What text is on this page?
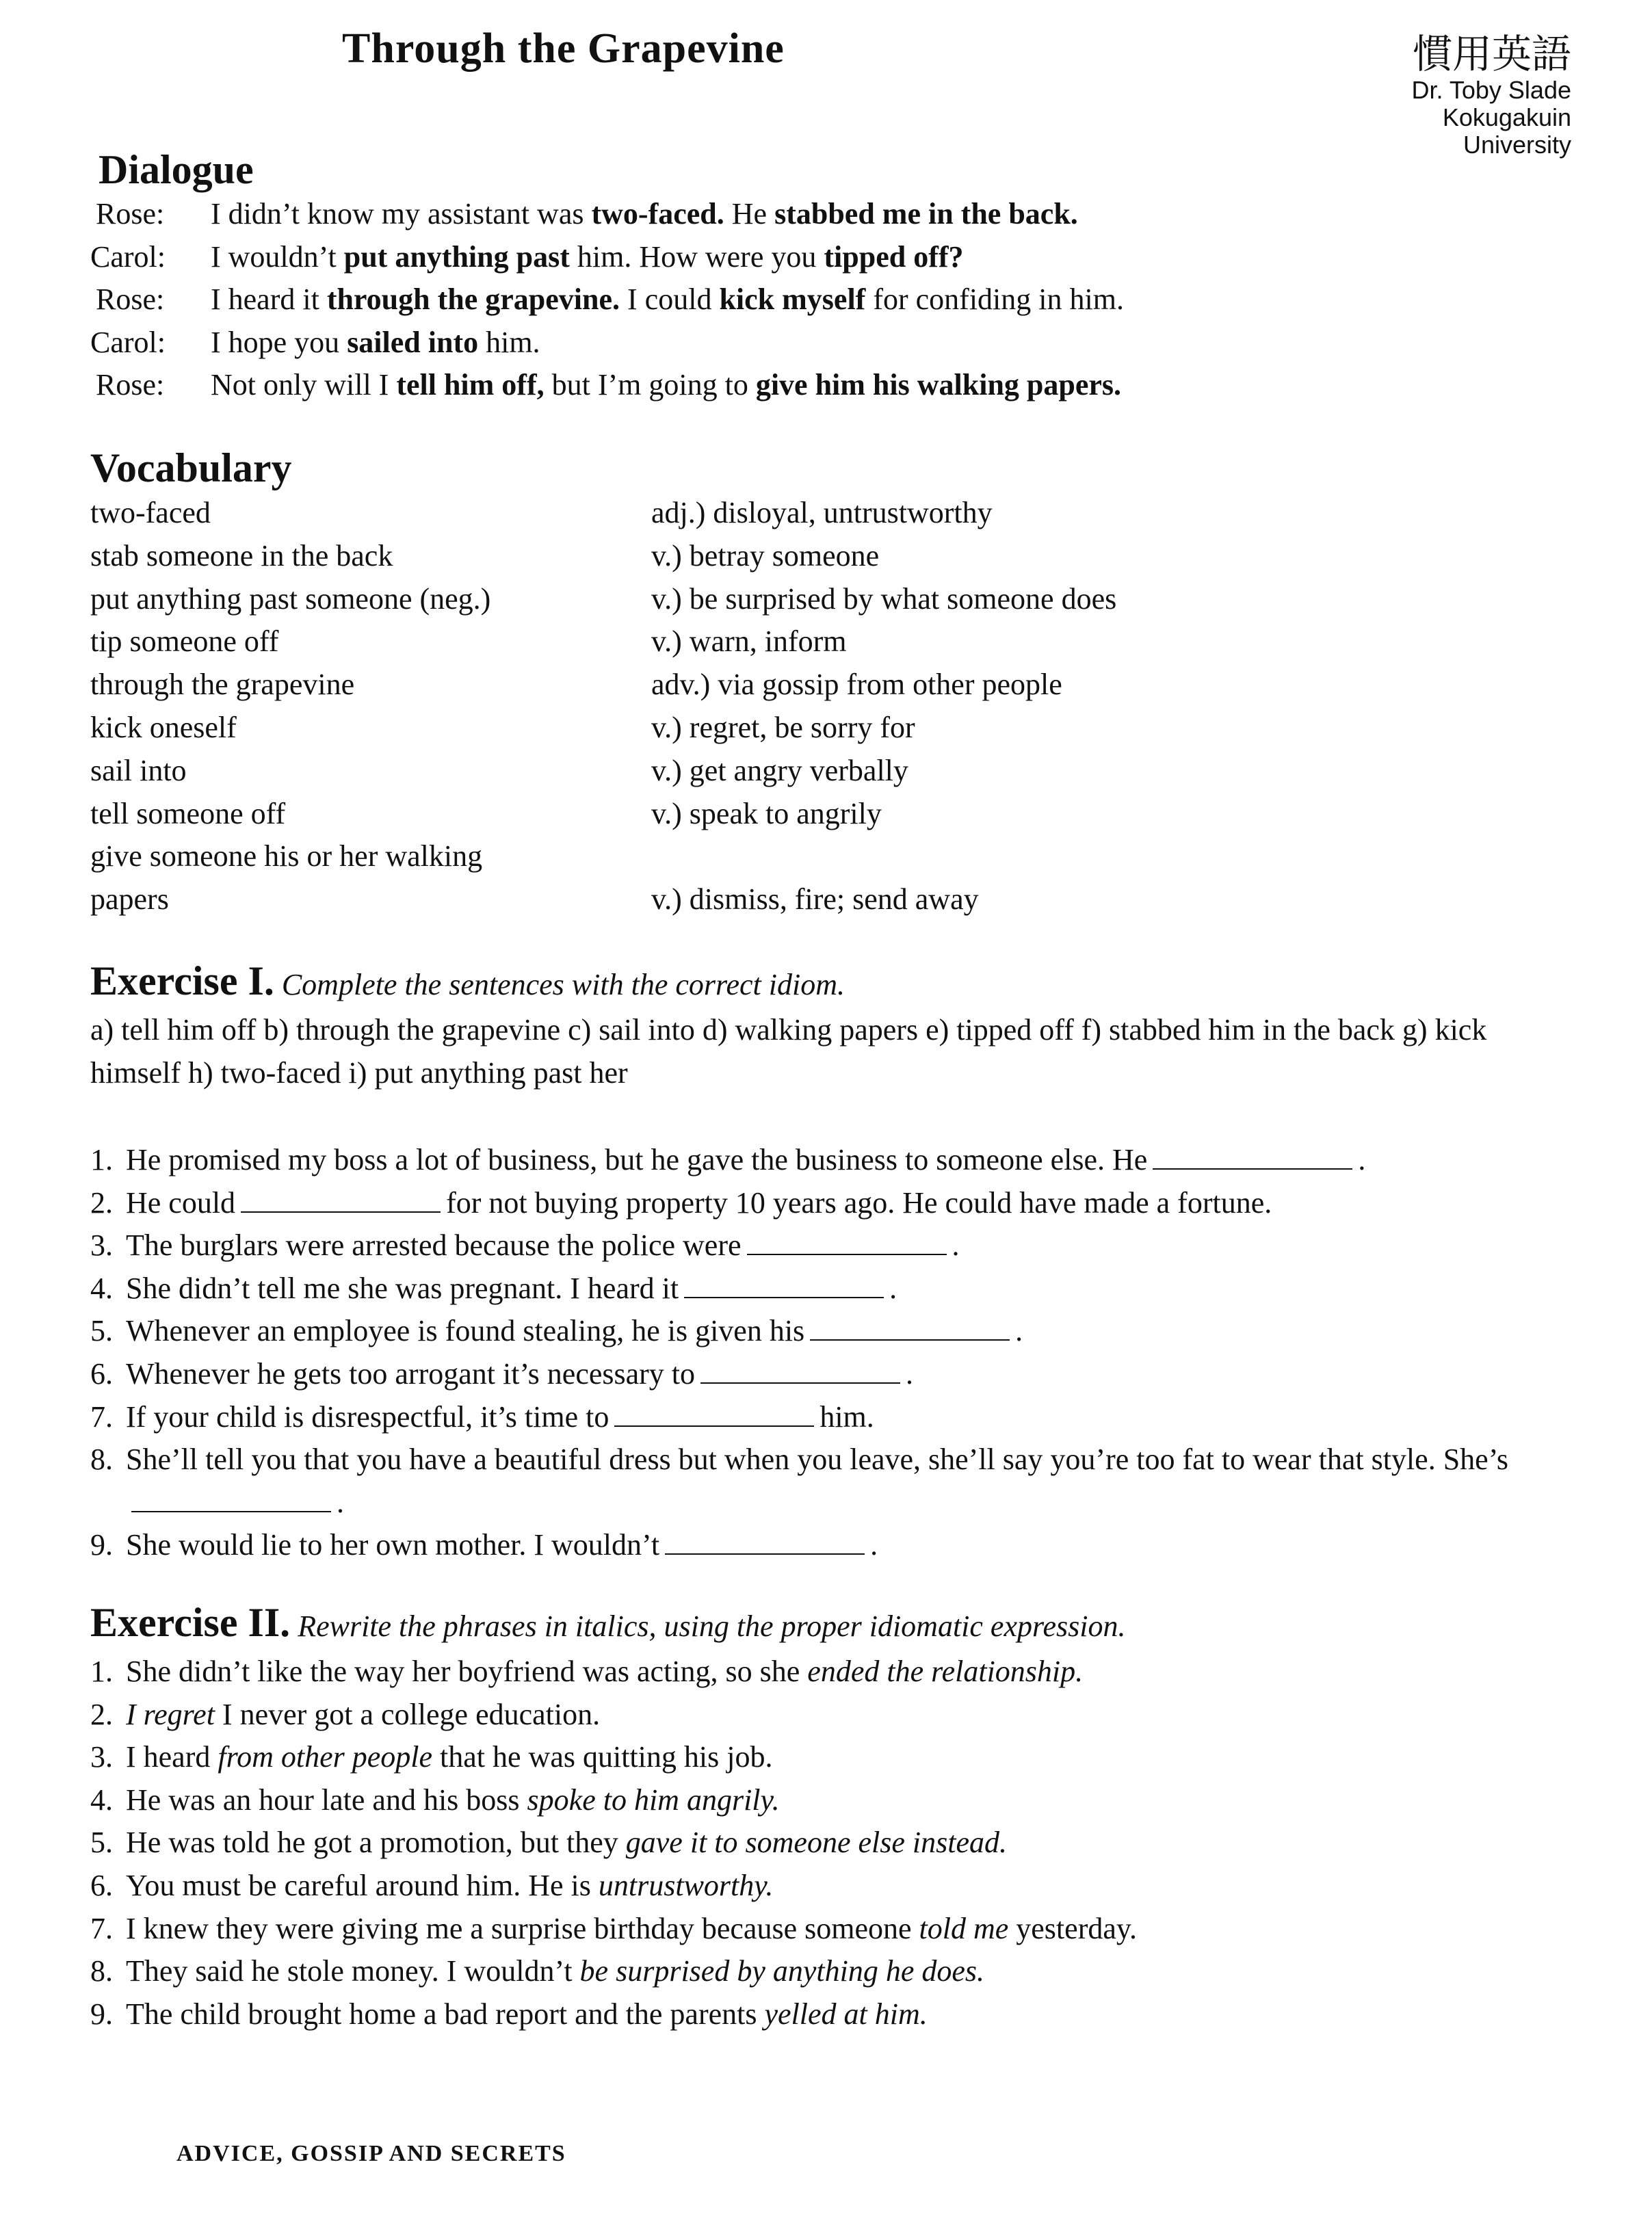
Through the Grapevine	慣用英語
Dr. Toby Slade
Kokugakuin
University
Dialogue
Rose:	I didn’t know my assistant was two-faced. He stabbed me in the back.
Carol:	I wouldn’t put anything past him. How were you tipped off?
Rose:	I heard it through the grapevine. I could kick myself for confiding in him.
Carol:	I hope you sailed into him.
Rose:	Not only will I tell him off, but I’m going to give him his walking papers.
Vocabulary
two-faced	adj.) disloyal, untrustworthy
stab someone in the back	v.) betray someone
put anything past someone (neg.)	v.) be surprised by what someone does
tip someone off	v.) warn, inform
through the grapevine	adv.) via gossip from other people
kick oneself	v.) regret, be sorry for
sail into	v.) get angry verbally
tell someone off	v.) speak to angrily
give someone his or her walking
papers	v.) dismiss, fire; send away
Exercise I. Complete the sentences with the correct idiom.
a) tell him off b) through the grapevine c) sail into d) walking papers e) tipped off f) stabbed him in the back g) kick himself h) two-faced i) put anything past her
1. He promised my boss a lot of business, but he gave the business to someone else. He	.
2. He could	for not buying property 10 years ago. He could have made a fortune.
3. The burglars were arrested because the police were	.
4. She didn’t tell me she was pregnant. I heard it	.
5. Whenever an employee is found stealing, he is given his	.
6. Whenever he gets too arrogant it’s necessary to	.
7. If your child is disrespectful, it’s time to	him.
8. She’ll tell you that you have a beautiful dress but when you leave, she’ll say you’re too fat to wear that style. She’s.
9. She would lie to her own mother. I wouldn’t	.
Exercise II. Rewrite the phrases in italics, using the proper idiomatic expression.
1. She didn’t like the way her boyfriend was acting, so she ended the relationship.
2. I regret I never got a college education.
3. I heard from other people that he was quitting his job.
4. He was an hour late and his boss spoke to him angrily.
5. He was told he got a promotion, but they gave it to someone else instead.
6. You must be careful around him. He is untrustworthy.
7. I knew they were giving me a surprise birthday because someone told me yesterday.
8. They said he stole money. I wouldn’t be surprised by anything he does.
9. The child brought home a bad report and the parents yelled at him.
ADVICE, GOSSIP AND SECRETS
